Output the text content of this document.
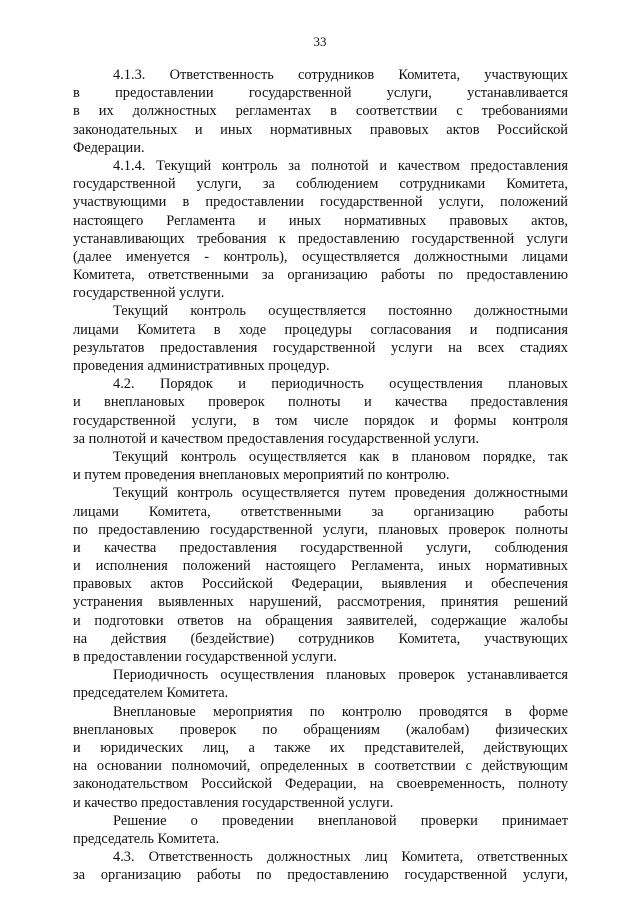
33
4.1.3. Ответственность сотрудников Комитета, участвующих
в предоставлении государственной услуги, устанавливается
в их должностных регламентах в соответствии с требованиями
законодательных и иных нормативных правовых актов Российской
Федерации.
4.1.4. Текущий контроль за полнотой и качеством предоставления
государственной услуги, за соблюдением сотрудниками Комитета,
участвующими в предоставлении государственной услуги, положений
настоящего Регламента и иных нормативных правовых актов,
устанавливающих требования к предоставлению государственной услуги
(далее именуется - контроль), осуществляется должностными лицами
Комитета, ответственными за организацию работы по предоставлению
государственной услуги.
Текущий контроль осуществляется постоянно должностными
лицами Комитета в ходе процедуры согласования и подписания
результатов предоставления государственной услуги на всех стадиях
проведения административных процедур.
4.2. Порядок и периодичность осуществления плановых
и внеплановых проверок полноты и качества предоставления
государственной услуги, в том числе порядок и формы контроля
за полнотой и качеством предоставления государственной услуги.
Текущий контроль осуществляется как в плановом порядке, так
и путем проведения внеплановых мероприятий по контролю.
Текущий контроль осуществляется путем проведения должностными
лицами Комитета, ответственными за организацию работы
по предоставлению государственной услуги, плановых проверок полноты
и качества предоставления государственной услуги, соблюдения
и исполнения положений настоящего Регламента, иных нормативных
правовых актов Российской Федерации, выявления и обеспечения
устранения выявленных нарушений, рассмотрения, принятия решений
и подготовки ответов на обращения заявителей, содержащие жалобы
на действия (бездействие) сотрудников Комитета, участвующих
в предоставлении государственной услуги.
Периодичность осуществления плановых проверок устанавливается
председателем Комитета.
Внеплановые мероприятия по контролю проводятся в форме
внеплановых проверок по обращениям (жалобам) физических
и юридических лиц, а также их представителей, действующих
на основании полномочий, определенных в соответствии с действующим
законодательством Российской Федерации, на своевременность, полноту
и качество предоставления государственной услуги.
Решение о проведении внеплановой проверки принимает
председатель Комитета.
4.3. Ответственность должностных лиц Комитета, ответственных
за организацию работы по предоставлению государственной услуги,
